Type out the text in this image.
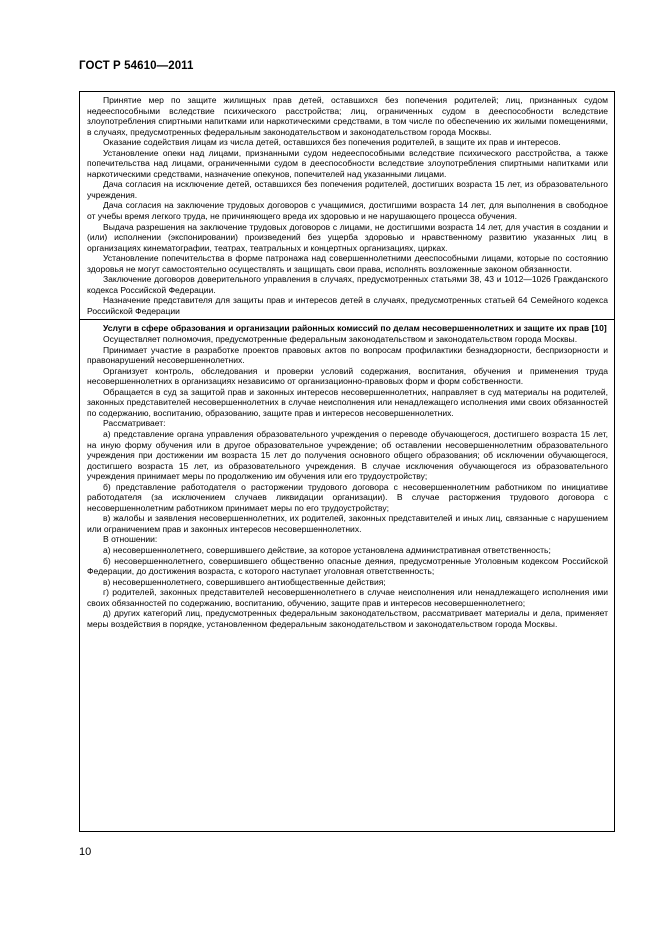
ГОСТ Р 54610—2011

Принятие мер по защите жилищных прав детей, оставшихся без попечения родителей; лиц, признанных судом недееспособными вследствие психического расстройства; лиц, ограниченных судом в дееспособности вследствие злоупотребления спиртными напитками или наркотическими средствами, в том числе по обеспечению их жилыми помещениями, в случаях, предусмотренных федеральным законодательством и законодательством города Москвы.

Оказание содействия лицам из числа детей, оставшихся без попечения родителей, в защите их прав и интересов.

Установление опеки над лицами, признанными судом недееспособными вследствие психического расстройства, а также попечительства над лицами, ограниченными судом в дееспособности вследствие злоупотребления спиртными напитками или наркотическими средствами, назначение опекунов, попечителей над указанными лицами.

Дача согласия на исключение детей, оставшихся без попечения родителей, достигших возраста 15 лет, из образовательного учреждения.

Дача согласия на заключение трудовых договоров с учащимися, достигшими возраста 14 лет, для выполнения в свободное от учебы время легкого труда, не причиняющего вреда их здоровью и не нарушающего процесса обучения.

Выдача разрешения на заключение трудовых договоров с лицами, не достигшими возраста 14 лет, для участия в создании и (или) исполнении (экспонировании) произведений без ущерба здоровью и нравственному развитию указанных лиц в организациях кинематографии, театрах, театральных и концертных организациях, цирках.

Установление попечительства в форме патронажа над совершеннолетними дееспособными лицами, которые по состоянию здоровья не могут самостоятельно осуществлять и защищать свои права, исполнять возложенные законом обязанности.

Заключение договоров доверительного управления в случаях, предусмотренных статьями 38, 43 и 1012—1026 Гражданского кодекса Российской Федерации.

Назначение представителя для защиты прав и интересов детей в случаях, предусмотренных статьей 64 Семейного кодекса Российской Федерации

Услуги в сфере образования и организации районных комиссий по делам несовершеннолетних и защите их прав [10]

Осуществляет полномочия, предусмотренные федеральным законодательством и законодательством города Москвы.

Принимает участие в разработке проектов правовых актов по вопросам профилактики безнадзорности, беспризорности и правонарушений несовершеннолетних.

Организует контроль, обследования и проверки условий содержания, воспитания, обучения и применения труда несовершеннолетних в организациях независимо от организационно-правовых форм и форм собственности.

Обращается в суд за защитой прав и законных интересов несовершеннолетних, направляет в суд материалы на родителей, законных представителей несовершеннолетних в случае неисполнения или ненадлежащего исполнения ими своих обязанностей по содержанию, воспитанию, образованию, защите прав и интересов несовершеннолетних.

Рассматривает:

а) представление органа управления образовательного учреждения о переводе обучающегося, достигшего возраста 15 лет, на иную форму обучения или в другое образовательное учреждение; об оставлении несовершеннолетним образовательного учреждения при достижении им возраста 15 лет до получения основного общего образования; об исключении обучающегося, достигшего возраста 15 лет, из образовательного учреждения. В случае исключения обучающегося из образовательного учреждения принимает меры по продолжению им обучения или его трудоустройству;

б) представление работодателя о расторжении трудового договора с несовершеннолетним работником по инициативе работодателя (за исключением случаев ликвидации организации). В случае расторжения трудового договора с несовершеннолетним работником принимает меры по его трудоустройству;

в) жалобы и заявления несовершеннолетних, их родителей, законных представителей и иных лиц, связанные с нарушением или ограничением прав и законных интересов несовершеннолетних.

В отношении:

а) несовершеннолетнего, совершившего действие, за которое установлена административная ответственность;

б) несовершеннолетнего, совершившего общественно опасные деяния, предусмотренные Уголовным кодексом Российской Федерации, до достижения возраста, с которого наступает уголовная ответственность;

в) несовершеннолетнего, совершившего антиобщественные действия;

г) родителей, законных представителей несовершеннолетнего в случае неисполнения или ненадлежащего исполнения ими своих обязанностей по содержанию, воспитанию, обучению, защите прав и интересов несовершеннолетнего;

д) других категорий лиц, предусмотренных федеральным законодательством, рассматривает материалы и дела, применяет меры воздействия в порядке, установленном федеральным законодательством и законодательством города Москвы.

10
